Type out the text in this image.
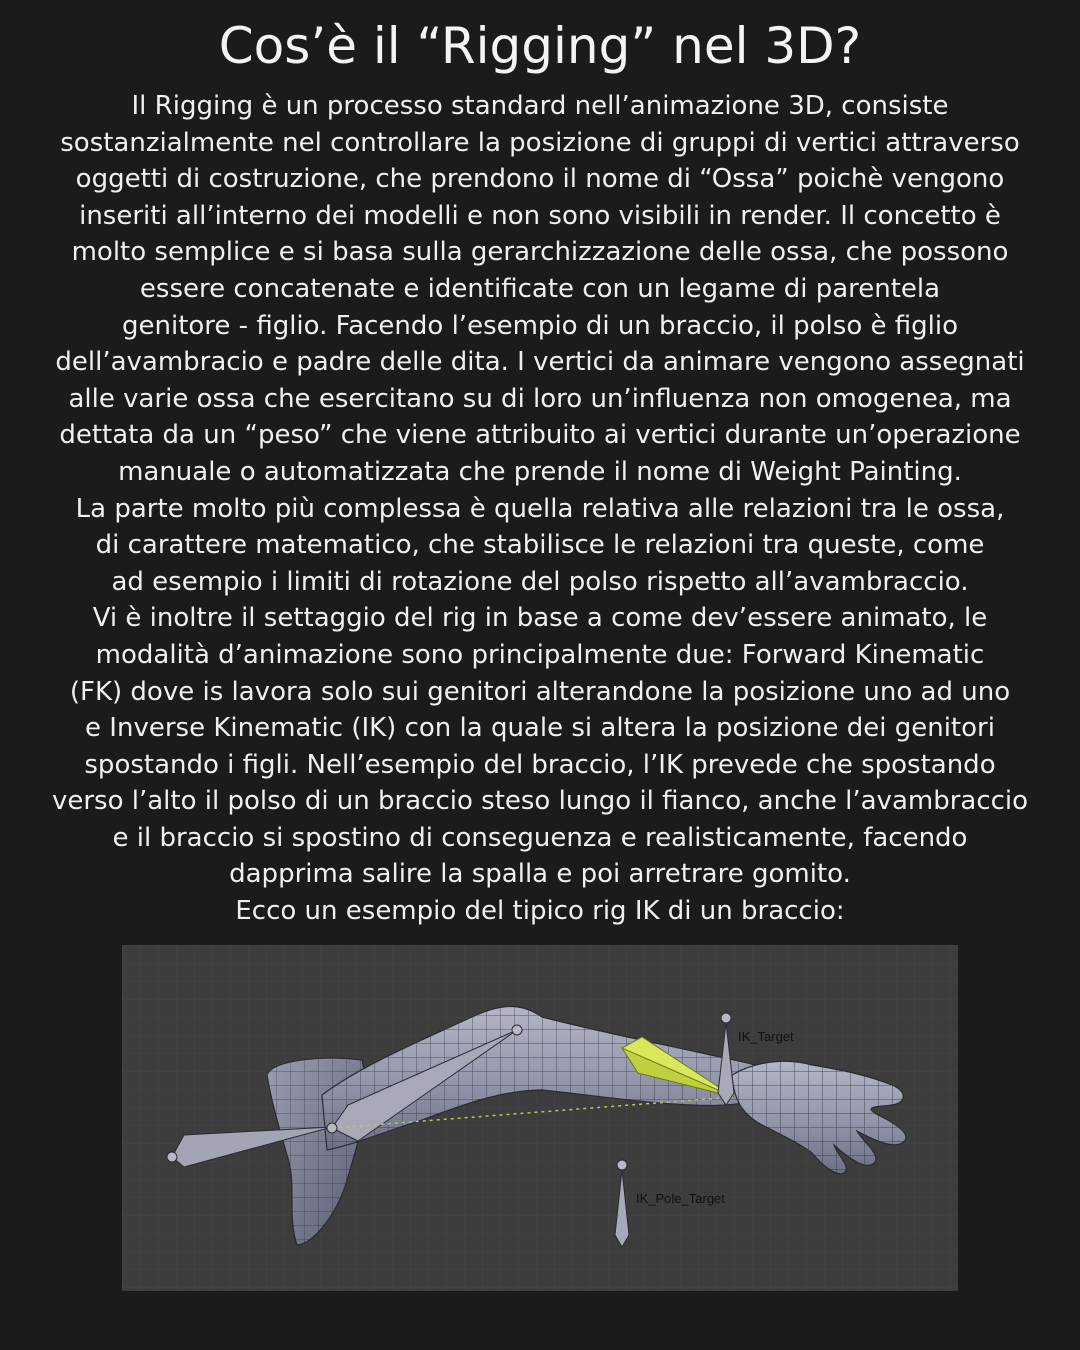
Cos’è il “Rigging” nel 3D?
Il Rigging è un processo standard nell’animazione 3D, consiste
sostanzialmente nel controllare la posizione di gruppi di vertici attraverso
oggetti di costruzione, che prendono il nome di “Ossa” poichè vengono
inseriti all’interno dei modelli e non sono visibili in render. Il concetto è
molto semplice e si basa sulla gerarchizzazione delle ossa, che possono
essere concatenate e identificate con un legame di parentela
genitore - figlio. Facendo l’esempio di un braccio, il polso è figlio
dell’avambracio e padre delle dita. I vertici da animare vengono assegnati
alle varie ossa che esercitano su di loro un’influenza non omogenea, ma
dettata da un “peso” che viene attribuito ai vertici durante un’operazione
manuale o automatizzata che prende il nome di Weight Painting.
La parte molto più complessa è quella relativa alle relazioni tra le ossa,
di carattere matematico, che stabilisce le relazioni tra queste, come
ad esempio i limiti di rotazione del polso rispetto all’avambraccio.
Vi è inoltre il settaggio del rig in base a come dev’essere animato, le
modalità d’animazione sono principalmente due: Forward Kinematic
(FK) dove is lavora solo sui genitori alterandone la posizione uno ad uno
e Inverse Kinematic (IK) con la quale si altera la posizione dei genitori
spostando i figli. Nell’esempio del braccio, l’IK prevede che spostando
verso l’alto il polso di un braccio steso lungo il fianco, anche l’avambraccio
e il braccio si spostino di conseguenza e realisticamente, facendo
dapprima salire la spalla e poi arretrare gomito.
Ecco un esempio del tipico rig IK di un braccio:
IK_Target
IK_Pole_Target
